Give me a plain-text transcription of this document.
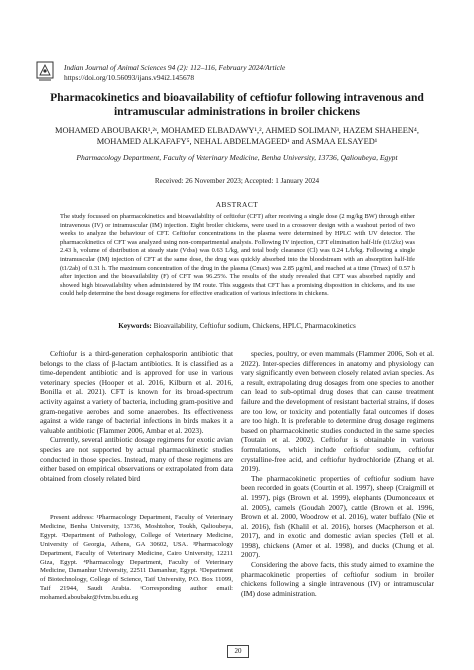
Indian Journal of Animal Sciences 94 (2): 112–116, February 2024/Article
https://doi.org/10.56093/ijans.v94i2.145678
Pharmacokinetics and bioavailability of ceftiofur following intravenous and intramuscular administrations in broiler chickens
MOHAMED ABOUBAKR¹,²ˢ, MOHAMED ELBADAWY¹,², AHMED SOLIMAN³, HAZEM SHAHEEN⁴, MOHAMED ALKAFAFY⁵, NEHAL ABDELMAGEED¹ and ASMAA ELSAYED¹
Pharmacology Department, Faculty of Veterinary Medicine, Benha University, 13736, Qalioubeya, Egypt
Received: 26 November 2023; Accepted: 1 January 2024
ABSTRACT
The study focussed on pharmacokinetics and bioavailability of ceftiofur (CFT) after receiving a single dose (2 mg/kg BW) through either intravenous (IV) or intramuscular (IM) injection. Eight broiler chickens, were used in a crossover design with a washout period of two weeks to analyze the behaviour of CFT. Ceftiofur concentrations in the plasma were determined by HPLC with UV detector. The pharmacokinetics of CFT was analyzed using non-compartmental analysis. Following IV injection, CFT elimination half-life (t1/2λz) was 2.43 h, volume of distribution at steady state (Vdss) was 0.63 L/kg, and total body clearance (Cl) was 0.24 L/h/kg. Following a single intramuscular (IM) injection of CFT at the same dose, the drug was quickly absorbed into the bloodstream with an absorption half-life (t1/2ab) of 0.31 h. The maximum concentration of the drug in the plasma (Cmax) was 2.85 µg/ml, and reached at a time (Tmax) of 0.57 h after injection and the bioavailability (F) of CFT was 96.25%. The results of the study revealed that CFT was absorbed rapidly and showed high bioavailability when administered by IM route. This suggests that CFT has a promising disposition in chickens, and its use could help determine the best dosage regimens for effective eradication of various infections in chickens.
Keywords: Bioavailability, Ceftiofur sodium, Chickens, HPLC, Pharmacokinetics

Ceftiofur is a third-generation cephalosporin antibiotic that belongs to the class of β-lactam antibiotics. It is classified as a time-dependent antibiotic and is approved for use in various veterinary species (Hooper et al. 2016, Kilburn et al. 2016, Bonilla et al. 2021). CFT is known for its broad-spectrum activity against a variety of bacteria, including gram-positive and gram-negative aerobes and some anaerobes. Its effectiveness against a wide range of bacterial infections in birds makes it a valuable antibiotic (Flammer 2006, Ambar et al. 2023).

Currently, several antibiotic dosage regimens for exotic avian species are not supported by actual pharmacokinetic studies conducted in those species. Instead, many of these regimens are either based on empirical observations or extrapolated from data obtained from closely related bird

Present address: ¹Pharmacology Department, Faculty of Veterinary Medicine, Benha University, 13736, Moshtohor, Toukh, Qalioubeya, Egypt. ²Department of Pathology, College of Veterinary Medicine, University of Georgia, Athens, GA 30602, USA. ³Pharmacology Department, Faculty of Veterinary Medicine, Cairo University, 12211 Giza, Egypt. ⁴Pharmacology Department, Faculty of Veterinary Medicine, Damanhur University, 22511 Damanhur, Egypt. ⁵Department of Biotechnology, College of Science, Taif University, P.O. Box 11099, Taif 21944, Saudi Arabia. ˢCorresponding author email: mohamed.aboubakr@fvtm.bu.edu.eg

species, poultry, or even mammals (Flammer 2006, Soh et al. 2022). Inter-species differences in anatomy and physiology can vary significantly even between closely related avian species. As a result, extrapolating drug dosages from one species to another can lead to sub-optimal drug doses that can cause treatment failure and the development of resistant bacterial strains, if doses are too low, or toxicity and potentially fatal outcomes if doses are too high. It is preferable to determine drug dosage regimens based on pharmacokinetic studies conducted in the same species (Toutain et al. 2002). Ceftiofur is obtainable in various formulations, which include ceftiofur sodium, ceftiofur crystalline-free acid, and ceftiofur hydrochloride (Zhang et al. 2019).

The pharmacokinetic properties of ceftiofur sodium have been recorded in goats (Courtin et al. 1997), sheep (Craigmill et al. 1997), pigs (Brown et al. 1999), elephants (Dumonceaux et al. 2005), camels (Goudah 2007), cattle (Brown et al. 1996, Brown et al. 2000, Woodrow et al. 2016), water buffalo (Nie et al. 2016), fish (Khalil et al. 2016), horses (Macpherson et al. 2017), and in exotic and domestic avian species (Tell et al. 1998), chickens (Amer et al. 1998), and ducks (Chung et al. 2007).

Considering the above facts, this study aimed to examine the pharmacokinetic properties of ceftiofur sodium in broiler chickens following a single intravenous (IV) or intramuscular (IM) dose administration.

20
